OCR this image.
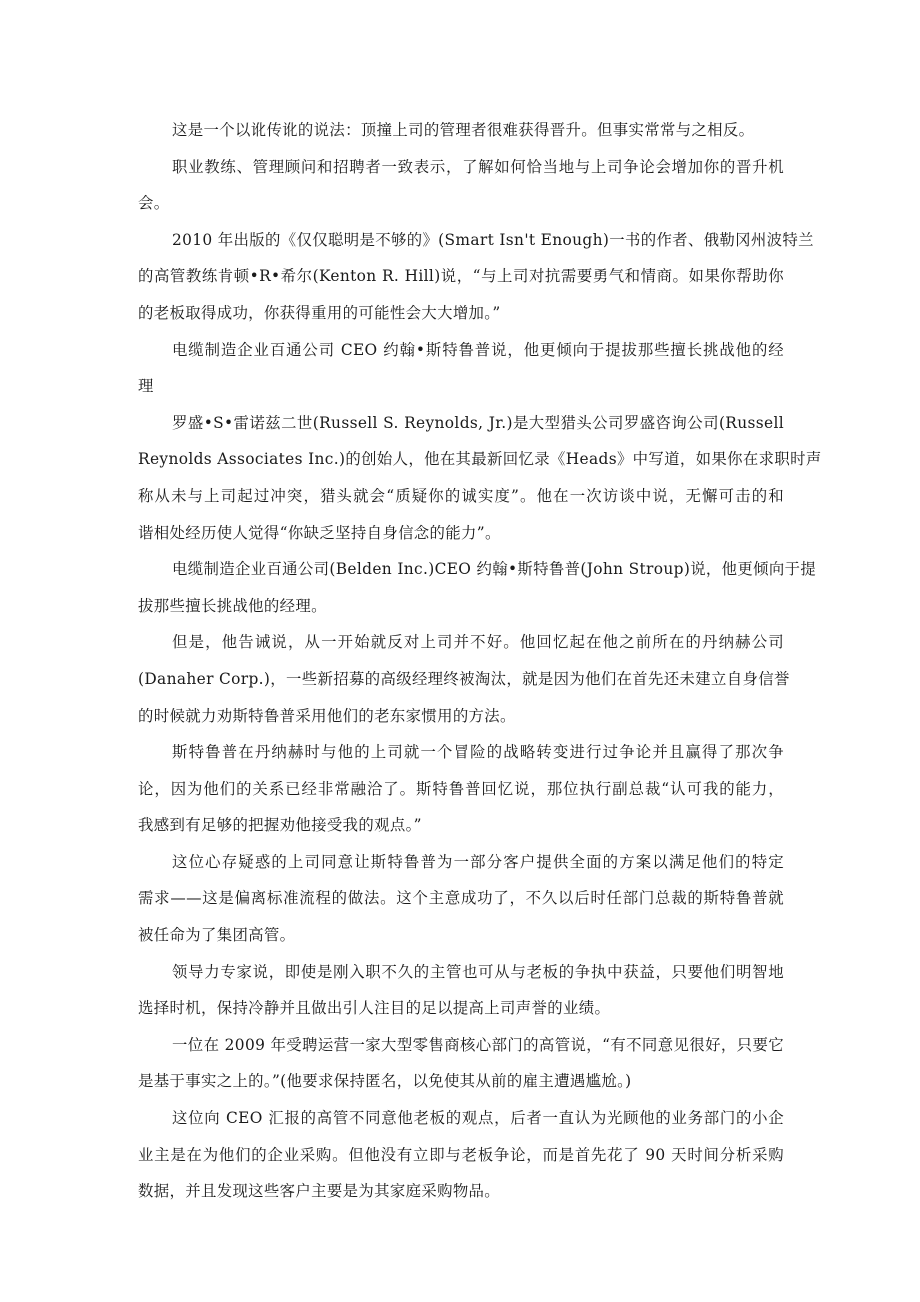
这是一个以讹传讹的说法：顶撞上司的管理者很难获得晋升。但事实常常与之相反。
职业教练、管理顾问和招聘者一致表示，了解如何恰当地与上司争论会增加你的晋升机
会。
2010 年出版的《仅仅聪明是不够的》(Smart Isn't Enough)一书的作者、俄勒冈州波特兰
的高管教练肯顿•R•希尔(Kenton R. Hill)说，“与上司对抗需要勇气和情商。如果你帮助你
的老板取得成功，你获得重用的可能性会大大增加。”
电缆制造企业百通公司 CEO 约翰•斯特鲁普说，他更倾向于提拔那些擅长挑战他的经
理
罗盛•S•雷诺兹二世(Russell S. Reynolds, Jr.)是大型猎头公司罗盛咨询公司(Russell
Reynolds Associates Inc.)的创始人，他在其最新回忆录《Heads》中写道，如果你在求职时声
称从未与上司起过冲突，猎头就会“质疑你的诚实度”。他在一次访谈中说，无懈可击的和
谐相处经历使人觉得“你缺乏坚持自身信念的能力”。
电缆制造企业百通公司(Belden Inc.)CEO 约翰•斯特鲁普(John Stroup)说，他更倾向于提
拔那些擅长挑战他的经理。
但是，他告诫说，从一开始就反对上司并不好。他回忆起在他之前所在的丹纳赫公司
(Danaher Corp.)，一些新招募的高级经理终被淘汰，就是因为他们在首先还未建立自身信誉
的时候就力劝斯特鲁普采用他们的老东家惯用的方法。
斯特鲁普在丹纳赫时与他的上司就一个冒险的战略转变进行过争论并且赢得了那次争
论，因为他们的关系已经非常融洽了。斯特鲁普回忆说，那位执行副总裁“认可我的能力，
我感到有足够的把握劝他接受我的观点。”
这位心存疑惑的上司同意让斯特鲁普为一部分客户提供全面的方案以满足他们的特定
需求——这是偏离标准流程的做法。这个主意成功了，不久以后时任部门总裁的斯特鲁普就
被任命为了集团高管。
领导力专家说，即使是刚入职不久的主管也可从与老板的争执中获益，只要他们明智地
选择时机，保持冷静并且做出引人注目的足以提高上司声誉的业绩。
一位在 2009 年受聘运营一家大型零售商核心部门的高管说，“有不同意见很好，只要它
是基于事实之上的。”(他要求保持匿名，以免使其从前的雇主遭遇尴尬。)
这位向 CEO 汇报的高管不同意他老板的观点，后者一直认为光顾他的业务部门的小企
业主是在为他们的企业采购。但他没有立即与老板争论，而是首先花了 90 天时间分析采购
数据，并且发现这些客户主要是为其家庭采购物品。
